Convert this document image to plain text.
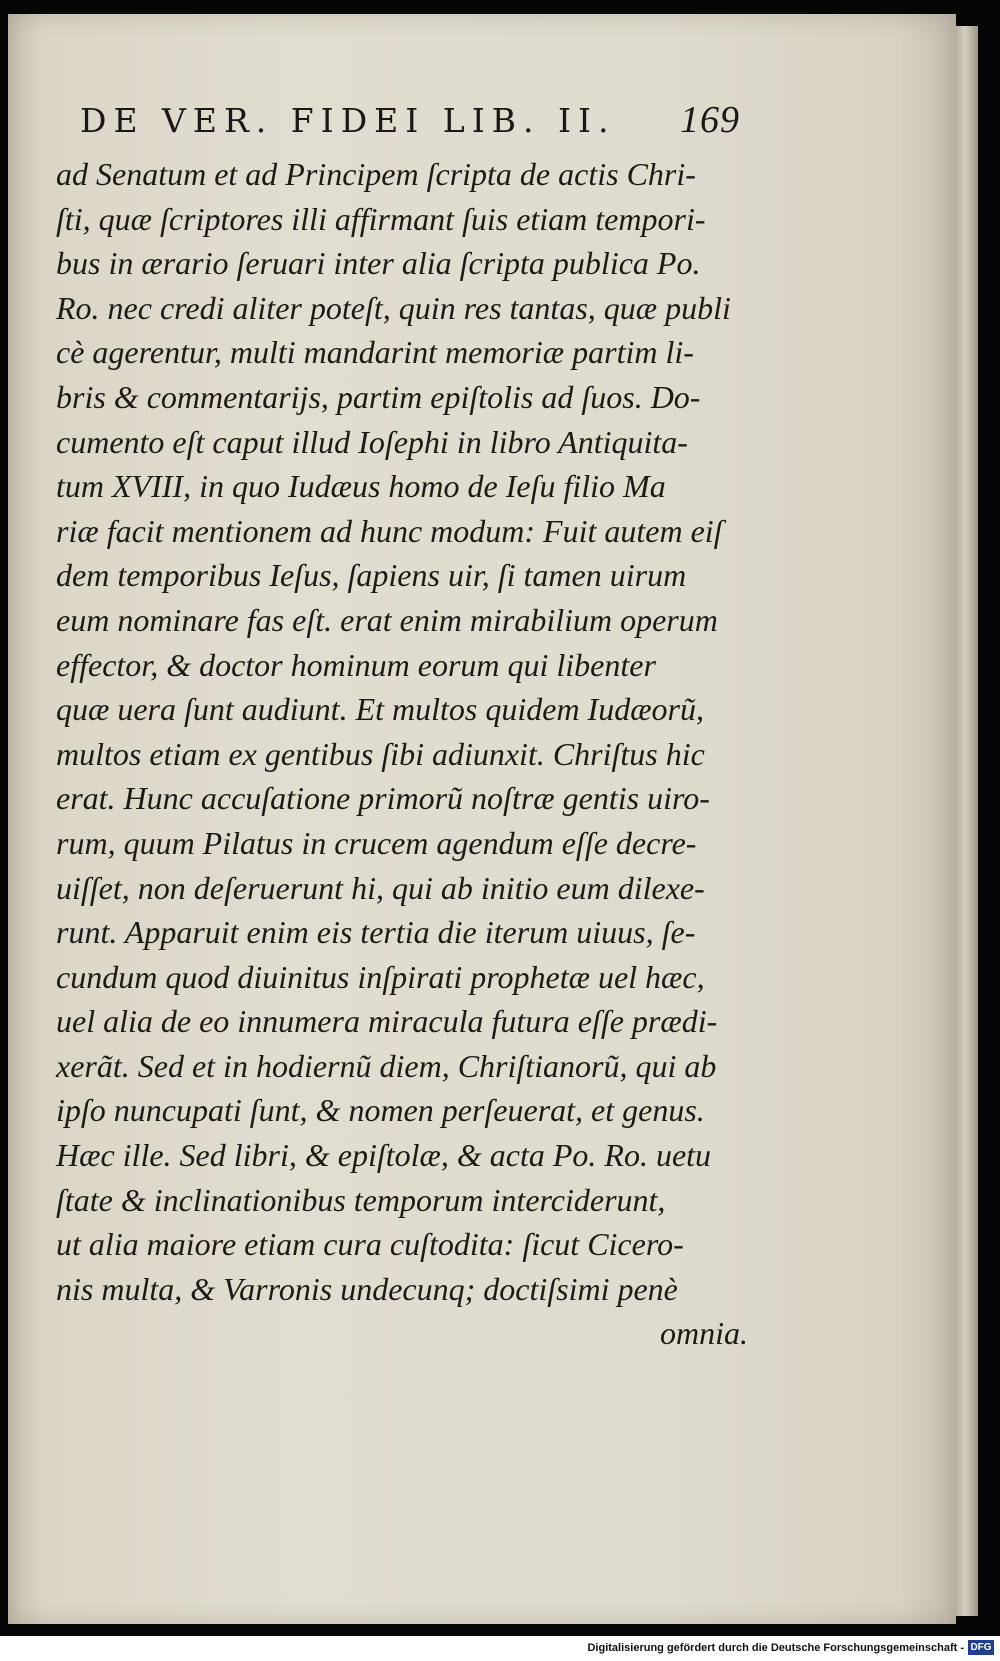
DE VER. FIDEI LIB. II. 169
ad Senatum et ad Principem ſcripta de actis Chri-
ſti, quæ ſcriptores illi affirmant ſuis etiam tempori-
bus in ærario ſeruari inter alia ſcripta publica Po.
Ro. nec credi aliter poteſt, quin res tantas, quæ publi
cè agerentur, multi mandarint memoriæ partim li-
bris & commentarijs, partim epiſtolis ad ſuos. Do-
cumento eſt caput illud Ioſephi in libro Antiquita-
tum XVIII, in quo Iudæus homo de Ieſu filio Ma
riæ facit mentionem ad hunc modum: Fuit autem eiſ
dem temporibus Ieſus, ſapiens uir, ſi tamen uirum
eum nominare fas eſt. erat enim mirabilium operum
effector, & doctor hominum eorum qui libenter
quæ uera ſunt audiunt. Et multos quidem Iudæorũ,
multos etiam ex gentibus ſibi adiunxit. Chriſtus hic
erat. Hunc accuſatione primorũ noſtræ gentis uiro-
rum, quum Pilatus in crucem agendum eſſe decre-
uiſſet, non deſeruerunt hi, qui ab initio eum dilexe-
runt. Apparuit enim eis tertia die iterum uiuus, ſe-
cundum quod diuinitus inſpirati prophetæ uel hæc,
uel alia de eo innumera miracula futura eſſe prædi-
xerãt. Sed et in hodiernũ diem, Chriſtianorũ, qui ab
ipſo nuncupati ſunt, & nomen perſeuerat, et genus.
Hæc ille. Sed libri, & epiſtolæ, & acta Po. Ro. uetu
ſtate & inclinationibus temporum interciderunt,
ut alia maiore etiam cura cuſtodita: ſicut Cicero-
nis multa, & Varronis undecunq; doctiſsimi penè
omnia.
Digitalisierung gefördert durch die Deutsche Forschungsgemeinschaft - DFG
